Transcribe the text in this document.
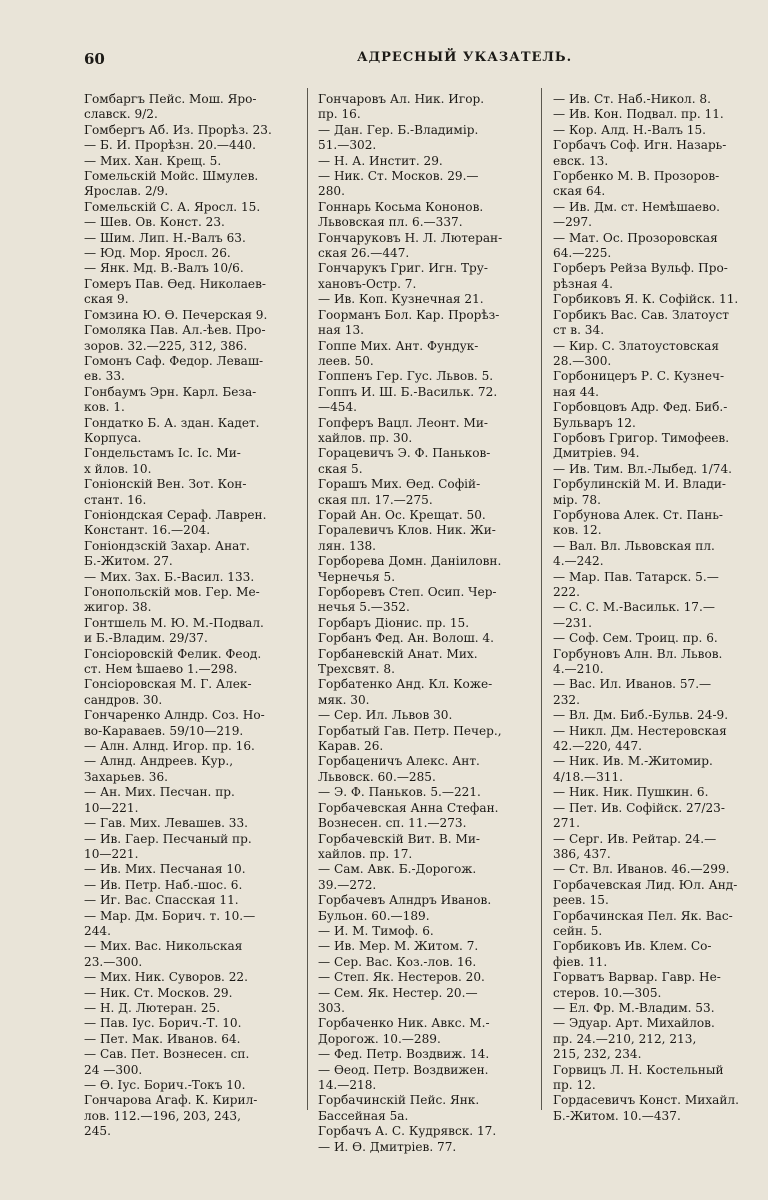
60	АДРЕСНЫЙ УКАЗАТЕЛЬ.
Гомбаргъ Пейс. Мош. Яро-
славск. 9/2.
Гомбергъ Аб. Из. Прорѣз. 23.
— Б. И. Прорѣзн. 20.—440.
— Мих. Хан. Крещ. 5.
Гомельскій Мойс. Шмулев.
Ярослав. 2/9.
Гомельскій С. А. Яросл. 15.
— Шев. Ов. Конст. 23.
— Шим. Лип. Н.-Валъ 63.
— Юд. Мор. Яросл. 26.
— Янк. Мд. В.-Валъ 10/6.
Гомеръ Пав. Ѳед. Николаев-
ская 9.
Гомзина Ю. Ѳ. Печерская 9.
Гомоляка Пав. Ал.-ѣев. Про-
зоров. 32.—225, 312, 386.
Гомонъ Саф. Федор. Леваш-
ев. 33.
Гонбаумъ Эрн. Карл. Беза-
ков. 1.
Гондатко Б. А. здан. Кадет.
Корпуса.
Гондельстамъ Іс. Іс. Ми-
х йлов. 10.
Гоніонскій Вен. Зот. Кон-
стант. 16.
Гоніондская Сераф. Лаврен.
Констант. 16.—204.
Гоніондзскій Захар. Анат.
Б.-Житом. 27.
— Мих. Зах. Б.-Васил. 133.
Гонопольскій мов. Гер. Ме-
жигор. 38.
Гонтшель М. Ю. М.-Подвал.
и Б.-Владим. 29/37.
Гонсіоровскій Фелик. Феод.
ст. Нем ѣшаево 1.—298.
Гонсіоровская М. Г. Алек-
сандров. 30.
Гончаренко Алндр. Соз. Но-
во-Караваев. 59/10—219.
— Алн. Алнд. Игор. пр. 16.
— Алнд. Андреев. Кур.,
Захарьев. 36.
— Ан. Мих. Песчан. пр.
10—221.
— Гав. Мих. Левашев. 33.
— Ив. Гаер. Песчаный пр.
10—221.
— Ив. Мих. Песчаная 10.
— Ив. Петр. Наб.-шос. 6.
— Иг. Вас. Спасская 11.
— Мар. Дм. Борич. т. 10.—
244.
— Мих. Вас. Никольская
23.—300.
— Мих. Ник. Суворов. 22.
— Ник. Ст. Москов. 29.
— Н. Д. Лютеран. 25.
— Пав. Іус. Борич.-Т. 10.
— Пет. Мак. Иванов. 64.
— Сав. Пет. Вознесен. сп.
24 —300.
— Ѳ. Іус. Борич.-Токъ 10.
Гончарова Агаф. К. Кирил-
лов. 112.—196, 203, 243,
245.
Гончаровъ Ал. Ник. Игор.
пр. 16.
— Дан. Гер. Б.-Владимір.
51.—302.
— Н. А. Инстит. 29.
— Ник. Ст. Москов. 29.—
280.
Гоннарь Косьма Кононов.
Львовская пл. 6.—337.
Гончаруковъ Н. Л. Лютеран-
ская 26.—447.
Гончарукъ Григ. Игн. Тру-
хановъ-Остр. 7.
— Ив. Коп. Кузнечная 21.
Гоорманъ Бол. Кар. Прорѣз-
ная 13.
Гоппе Мих. Ант. Фундук-
леев. 50.
Гоппенъ Гер. Гус. Львов. 5.
Гоппъ И. Ш. Б.-Васильк. 72.
—454.
Гопферъ Вацл. Леонт. Ми-
хайлов. пр. 30.
Горацевичъ Э. Ф. Паньков-
ская 5.
Горашъ Мих. Ѳед. Софій-
ская пл. 17.—275.
Горай Ан. Ос. Крещат. 50.
Горалевичъ Клов. Ник. Жи-
лян. 138.
Горборева Домн. Даніиловн.
Чернечья 5.
Горборевъ Степ. Осип. Чер-
нечья 5.—352.
Горбаръ Діонис. пр. 15.
Горбанъ Фед. Ан. Волош. 4.
Горбаневскій Анат. Мих.
Трехсвят. 8.
Горбатенко Анд. Кл. Коже-
мяк. 30.
— Сер. Ил. Львов 30.
Горбатый Гав. Петр. Печер.,
Карав. 26.
Горбаценичъ Алекс. Ант.
Львовск. 60.—285.
— Э. Ф. Паньков. 5.—221.
Горбачевская Анна Стефан.
Вознесен. сп. 11.—273.
Горбачевскій Вит. В. Ми-
хайлов. пр. 17.
— Сам. Авк. Б.-Дорогож.
39.—272.
Горбачевъ Алндръ Иванов.
Бульон. 60.—189.
— И. М. Тимоф. 6.
— Ив. Мер. М. Житом. 7.
— Сер. Вас. Коз.-лов. 16.
— Степ. Як. Нестеров. 20.
— Сем. Як. Нестер. 20.—
303.
Горбаченко Ник. Авкс. М.-
Дорогож. 10.—289.
— Фед. Петр. Воздвиж. 14.
— Ѳеод. Петр. Воздвижен.
14.—218.
Горбачинскій Пейс. Янк.
Бассейная 5а.
Горбачъ А. С. Кудрявск. 17.
— И. Ѳ. Дмитріев. 77.
— Ив. Ст. Наб.-Никол. 8.
— Ив. Кон. Подвал. пр. 11.
— Кор. Алд. Н.-Валъ 15.
Горбачъ Соф. Игн. Назарь-
евск. 13.
Горбенко М. В. Прозоров-
ская 64.
— Ив. Дм. ст. Немѣшаево.
—297.
— Мат. Ос. Прозоровская
64.—225.
Горберъ Рейза Вульф. Про-
рѣзная 4.
Горбиковъ Я. К. Софійск. 11.
Горбикъ Вас. Сав. Златоуст
ст в. 34.
— Кир. С. Златоустовская
28.—300.
Горбоницеръ Р. С. Кузнеч-
ная 44.
Горбовцовъ Адр. Фед. Биб.-
Бульваръ 12.
Горбовъ Григор. Тимофеев.
Дмитріев. 94.
— Ив. Тим. Вл.-Лыбед. 1/74.
Горбулинскій М. И. Влади-
мір. 78.
Горбунова Алек. Ст. Пань-
ков. 12.
— Вал. Вл. Львовская пл.
4.—242.
— Мар. Пав. Татарск. 5.—
222.
— С. С. М.-Васильк. 17.—
—231.
— Соф. Сем. Троиц. пр. 6.
Горбуновъ Алн. Вл. Львов.
4.—210.
— Вас. Ил. Иванов. 57.—
232.
— Вл. Дм. Биб.-Бульв. 24-9.
— Никл. Дм. Нестеровская
42.—220, 447.
— Ник. Ив. М.-Житомир.
4/18.—311.
— Ник. Ник. Пушкин. 6.
— Пет. Ив. Софійск. 27/23-
271.
— Серг. Ив. Рейтар. 24.—
386, 437.
— Ст. Вл. Иванов. 46.—299.
Горбачевская Лид. Юл. Анд-
реев. 15.
Горбачинская Пел. Як. Вас-
сейн. 5.
Горбиковъ Ив. Клем. Со-
фіев. 11.
Горватъ Варвар. Гавр. Не-
стеров. 10.—305.
— Ел. Фр. М.-Владим. 53.
— Эдуар. Арт. Михайлов.
пр. 24.—210, 212, 213,
215, 232, 234.
Горвицъ Л. Н. Костельный
пр. 12.
Гордасевичъ Конст. Михайл.
Б.-Житом. 10.—437.
